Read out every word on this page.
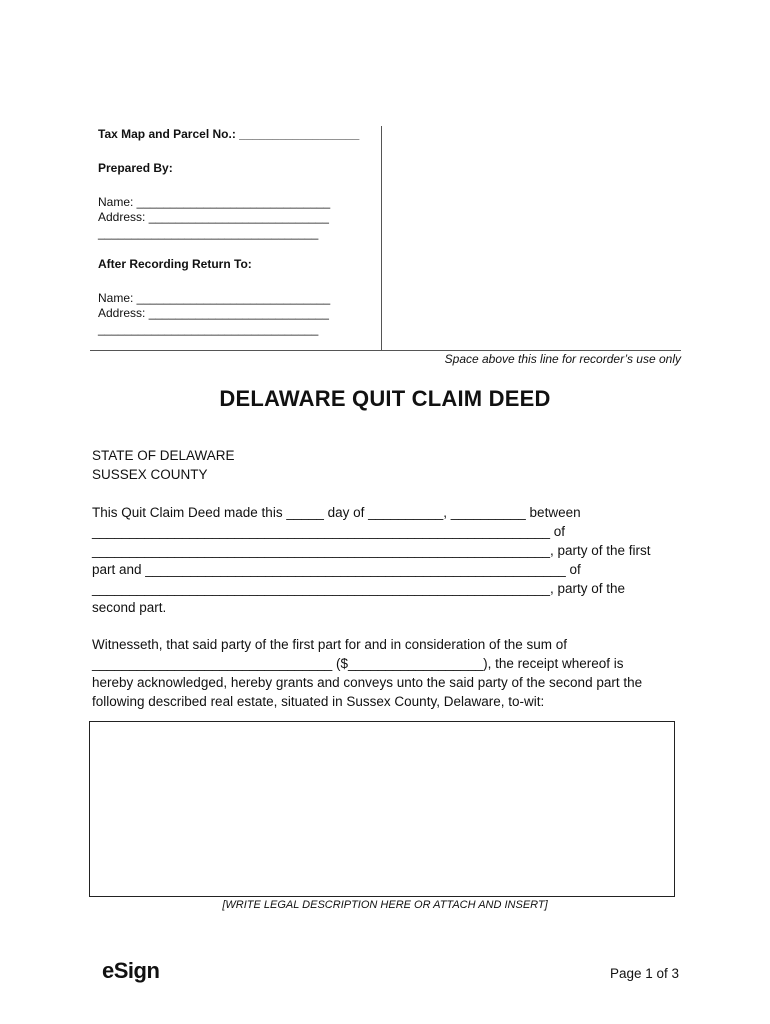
Tax Map and Parcel No.: __________________
Prepared By:
Name: _____________________________
Address: ___________________________
_________________________________
After Recording Return To:
Name: _____________________________
Address: ___________________________
_________________________________
Space above this line for recorder’s use only
DELAWARE QUIT CLAIM DEED
STATE OF DELAWARE
SUSSEX COUNTY
This Quit Claim Deed made this _____ day of __________, __________ between
_____________________________________________________________ of
_____________________________________________________________, party of the first
part and ________________________________________________________ of
_____________________________________________________________, party of the
second part.
Witnesseth, that said party of the first part for and in consideration of the sum of
________________________________ ($__________________), the receipt whereof is
hereby acknowledged, hereby grants and conveys unto the said party of the second part the
following described real estate, situated in Sussex County, Delaware, to-wit:
[WRITE LEGAL DESCRIPTION HERE OR ATTACH AND INSERT]
eSign	Page 1 of 3
